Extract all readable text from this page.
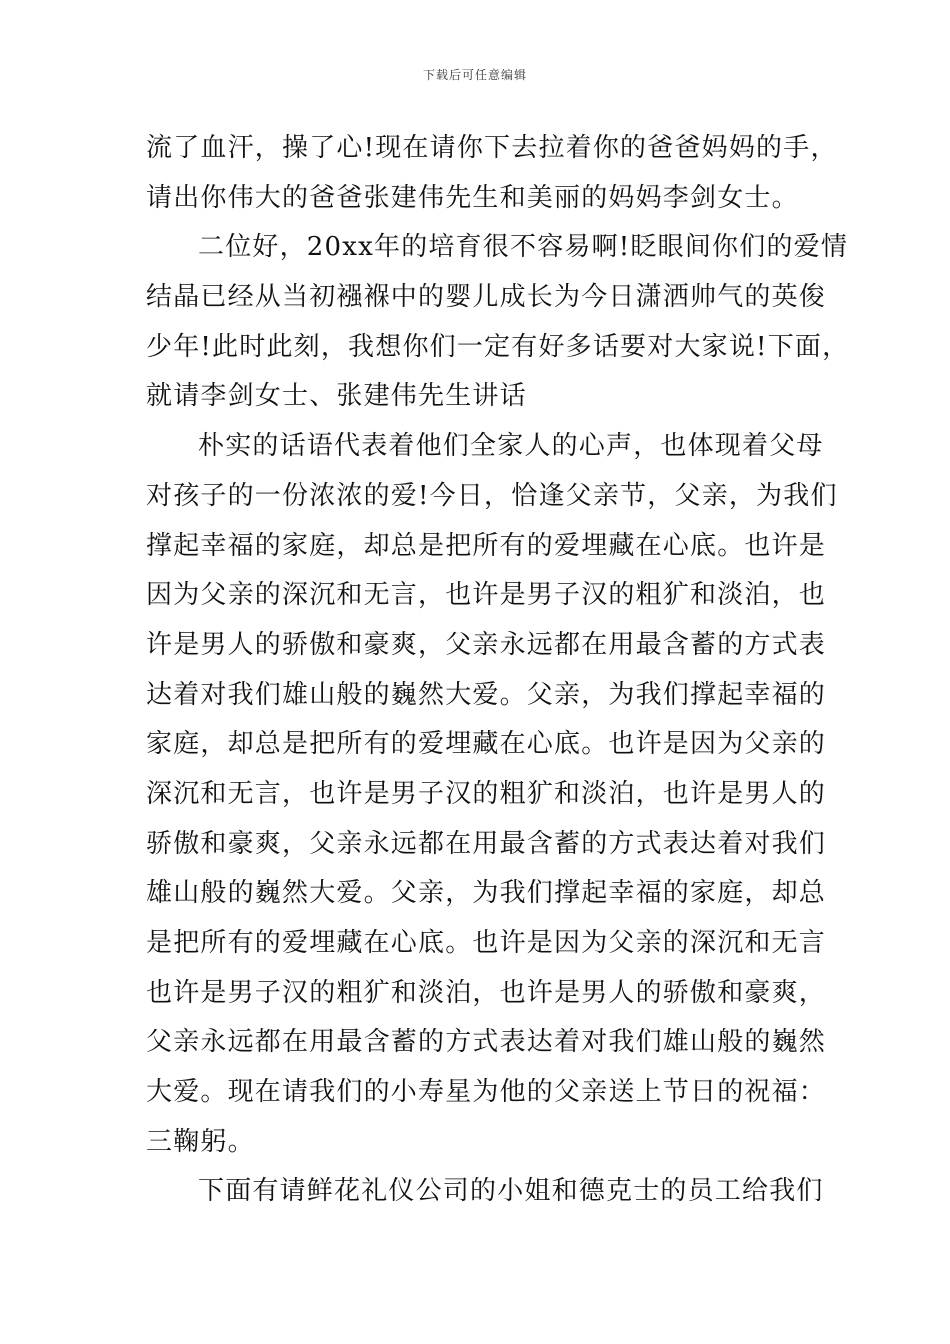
下载后可任意编辑
流了血汗，操了心!现在请你下去拉着你的爸爸妈妈的手，
请出你伟大的爸爸张建伟先生和美丽的妈妈李剑女士。
二位好，20xx年的培育很不容易啊!眨眼间你们的爱情
结晶已经从当初襁褓中的婴儿成长为今日潇洒帅气的英俊
少年!此时此刻，我想你们一定有好多话要对大家说!下面，
就请李剑女士、张建伟先生讲话
朴实的话语代表着他们全家人的心声，也体现着父母
对孩子的一份浓浓的爱!今日，恰逢父亲节，父亲，为我们
撑起幸福的家庭，却总是把所有的爱埋藏在心底。也许是
因为父亲的深沉和无言，也许是男子汉的粗犷和淡泊，也
许是男人的骄傲和豪爽，父亲永远都在用最含蓄的方式表
达着对我们雄山般的巍然大爱。父亲，为我们撑起幸福的
家庭，却总是把所有的爱埋藏在心底。也许是因为父亲的
深沉和无言，也许是男子汉的粗犷和淡泊，也许是男人的
骄傲和豪爽，父亲永远都在用最含蓄的方式表达着对我们
雄山般的巍然大爱。父亲，为我们撑起幸福的家庭，却总
是把所有的爱埋藏在心底。也许是因为父亲的深沉和无言
也许是男子汉的粗犷和淡泊，也许是男人的骄傲和豪爽，
父亲永远都在用最含蓄的方式表达着对我们雄山般的巍然
大爱。现在请我们的小寿星为他的父亲送上节日的祝福：
三鞠躬。
下面有请鲜花礼仪公司的小姐和德克士的员工给我们
